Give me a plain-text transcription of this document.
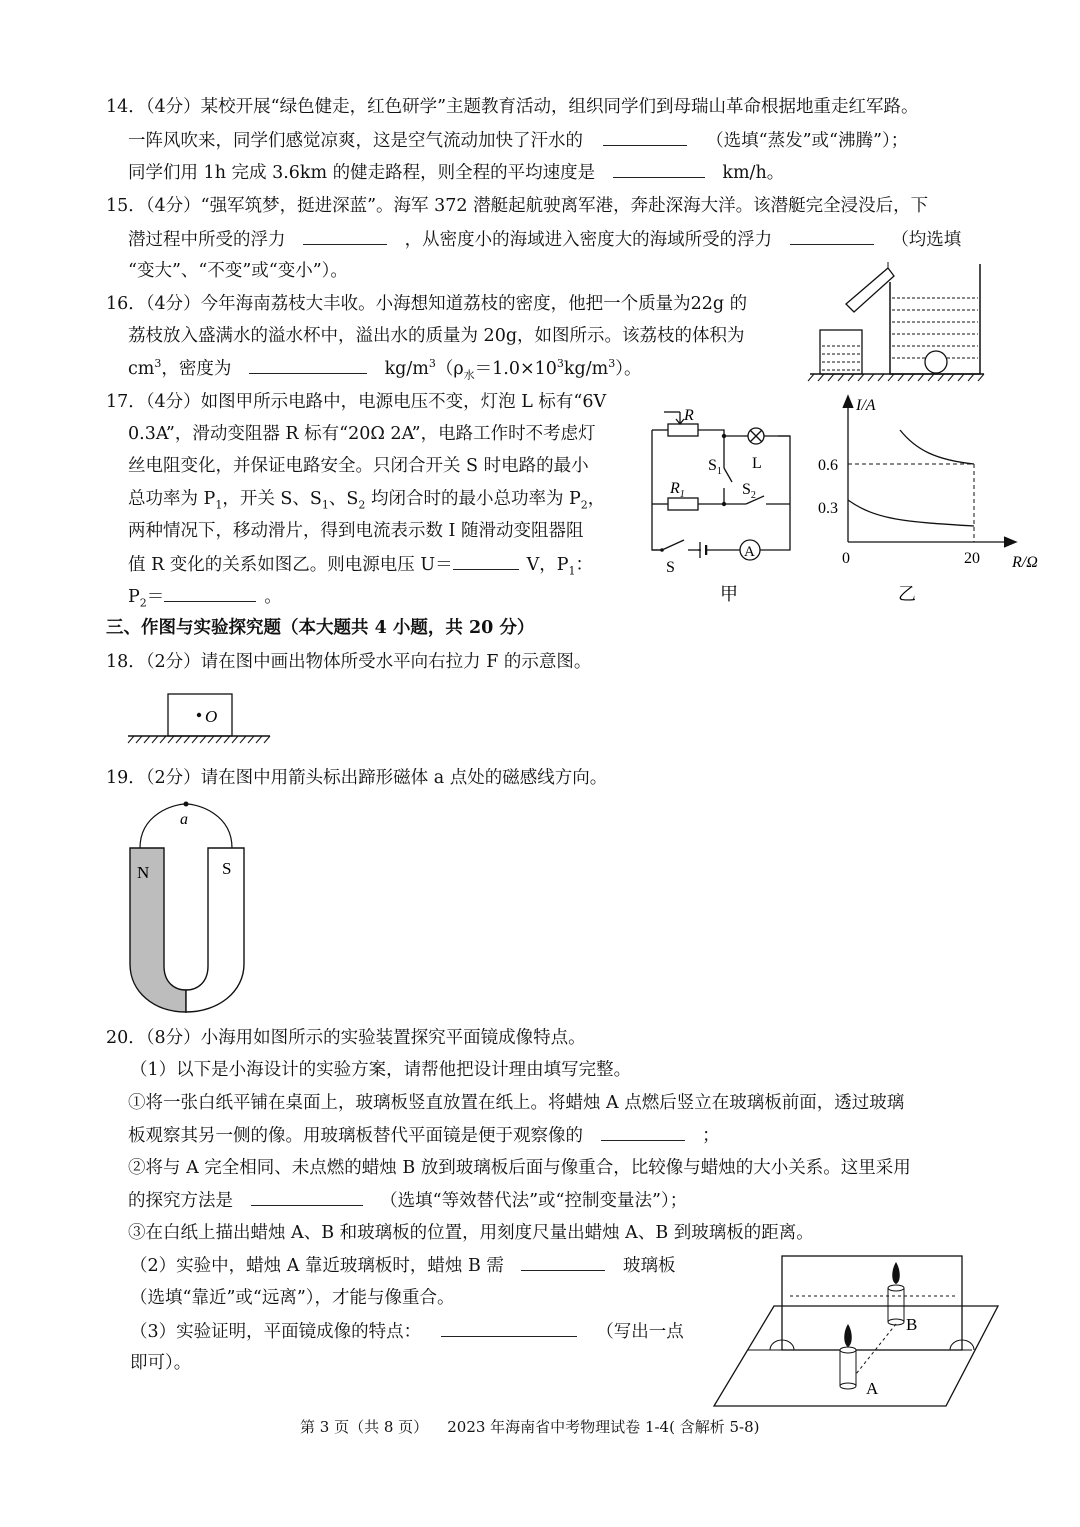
14．（4分）某校开展“绿色健走，红色研学”主题教育活动，组织同学们到母瑞山革命根据地重走红军路。
一阵风吹来，同学们感觉凉爽，这是空气流动加快了汗水的	（选填“蒸发”或“沸腾”）；
同学们用 1h 完成 3.6km 的健走路程，则全程的平均速度是	km/h。
15．（4分）“强军筑梦，挺进深蓝”。海军 372 潜艇起航驶离军港，奔赴深海大洋。该潜艇完全浸没后，下
潜过程中所受的浮力	，从密度小的海域进入密度大的海域所受的浮力	（均选填
“变大”、“不变”或“变小”）。
16．（4分）今年海南荔枝大丰收。小海想知道荔枝的密度，他把一个质量为22g 的
荔枝放入盛满水的溢水杯中，溢出水的质量为 20g，如图所示。该荔枝的体积为
$cm^3$，密度为	$kg/m^3(\rho_水=1.0\times 10^3kg/m^3)$。
17．（4分）如图甲所示电路中，电源电压不变，灯泡 L 标有“6V
0.3A”，滑动变阻器 R 标有“20Ω 2A”，电路工作时不考虑灯
丝电阻变化，并保证电路安全。只闭合开关 S 时电路的最小
总功率为 $P_1$，开关 S、$S_1$、$S_2$ 均闭合时的最小总功率为 $P_2$，
两种情况下，移动滑片，得到电流表示数 I 随滑动变阻器阻
值 R 变化的关系如图乙。则电源电压 U＝	V，$P_1$：
$P_2=$	。
R
$R_1$
$S_1$ L
$S_2$
A
S
甲
I/A
R/Ω
0	20
0.6
0.3
乙
三、作图与实验探究题（本大题共 4 小题，共 20 分）
18．（2分）请在图中画出物体所受水平向右拉力 F 的示意图。
O
19．（2分）请在图中用箭头标出蹄形磁体 a 点处的磁感线方向。
a
N	S
20．（8分）小海用如图所示的实验装置探究平面镜成像特点。
（1）以下是小海设计的实验方案，请帮他把设计理由填写完整。
①将一张白纸平铺在桌面上，玻璃板竖直放置在纸上。将蜡烛 A 点燃后竖立在玻璃板前面，透过玻璃
板观察其另一侧的像。用玻璃板替代平面镜是便于观察像的	；
②将与 A 完全相同、未点燃的蜡烛 B 放到玻璃板后面与像重合，比较像与蜡烛的大小关系。这里采用
的探究方法是	（选填“等效替代法”或“控制变量法”）；
③在白纸上描出蜡烛 A、B 和玻璃板的位置，用刻度尺量出蜡烛 A、B 到玻璃板的距离。
（2）实验中，蜡烛 A 靠近玻璃板时，蜡烛 B 需	玻璃板
（选填“靠近”或“远离”），才能与像重合。
（3）实验证明，平面镜成像的特点：	（写出一点
即可）。
B
A
第 3 页（共 8 页）    2023 年海南省中考物理试卷 1-4( 含解析 5-8)
